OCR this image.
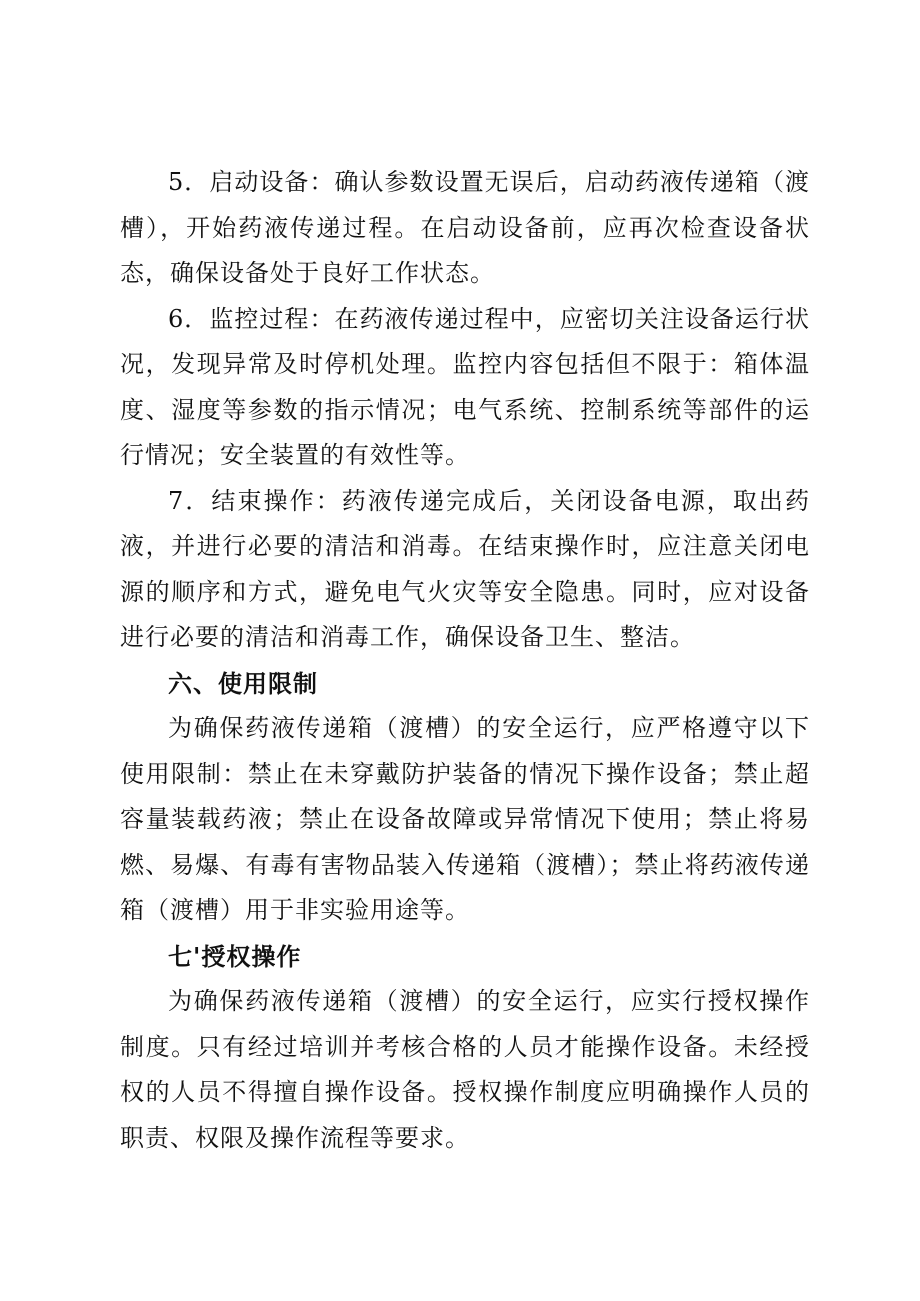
5．启动设备：确认参数设置无误后，启动药液传递箱（渡槽），开始药液传递过程。在启动设备前，应再次检查设备状态，确保设备处于良好工作状态。

6．监控过程：在药液传递过程中，应密切关注设备运行状况，发现异常及时停机处理。监控内容包括但不限于：箱体温度、湿度等参数的指示情况；电气系统、控制系统等部件的运行情况；安全装置的有效性等。

7．结束操作：药液传递完成后，关闭设备电源，取出药液，并进行必要的清洁和消毒。在结束操作时，应注意关闭电源的顺序和方式，避免电气火灾等安全隐患。同时，应对设备进行必要的清洁和消毒工作，确保设备卫生、整洁。

六、使用限制

为确保药液传递箱（渡槽）的安全运行，应严格遵守以下使用限制：禁止在未穿戴防护装备的情况下操作设备；禁止超容量装载药液；禁止在设备故障或异常情况下使用；禁止将易燃、易爆、有毒有害物品装入传递箱（渡槽）；禁止将药液传递箱（渡槽）用于非实验用途等。

七'授权操作

为确保药液传递箱（渡槽）的安全运行，应实行授权操作制度。只有经过培训并考核合格的人员才能操作设备。未经授权的人员不得擅自操作设备。授权操作制度应明确操作人员的职责、权限及操作流程等要求。
